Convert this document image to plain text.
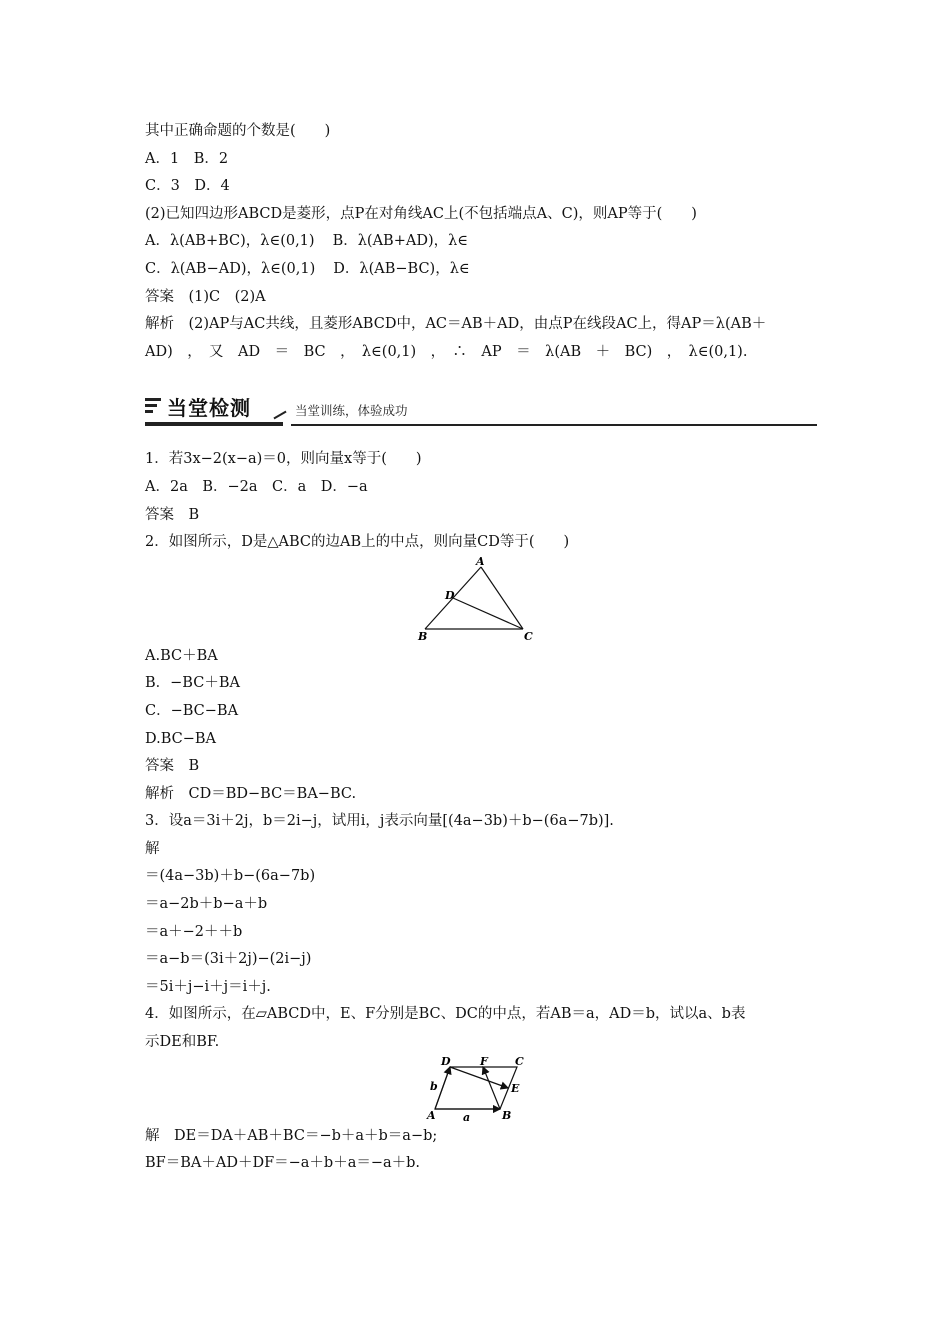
其中正确命题的个数是(　　)
A．1　B．2
C．3　D．4
(2)已知四边形ABCD是菱形，点P在对角线AC上(不包括端点A、C)，则AP等于(　　)
A．λ(AB+BC)，λ∈(0,1) B．λ(AB+AD)，λ∈
C．λ(AB−AD)，λ∈(0,1) D．λ(AB−BC)，λ∈
答案　(1)C　(2)A
解析　(2)AP与AC共线，且菱形ABCD中，AC＝AB＋AD，由点P在线段AC上，得AP＝λ(AB＋
AD)　，　又　AD　＝　BC　，　λ∈(0,1)　，　∴　AP　＝　λ(AB　＋　BC)　，　λ∈(0,1).
当堂检测	当堂训练，体验成功
1．若3x−2(x−a)＝0，则向量x等于(　　)
A．2a　B．−2a　C．a　D．−a
答案　B
2．如图所示，D是△ABC的边AB上的中点，则向量CD等于(　　)
A
D
B	C
A.BC＋BA
B．−BC＋BA
C．−BC−BA
D.BC−BA
答案　B
解析　CD＝BD−BC＝BA−BC.
3．设a＝3i＋2j，b＝2i−j，试用i，j表示向量[(4a−3b)＋b−(6a−7b)].
解
＝(4a−3b)＋b−(6a−7b)
＝a−2b＋b−a＋b
＝a＋−2＋＋b
＝a−b＝(3i＋2j)−(2i−j)
＝5i＋j−i＋j＝i＋j.
4．如图所示，在▱ABCD中，E、F分别是BC、DC的中点，若AB＝a，AD＝b，试以a、b表
示DE和BF.
D	F C
E
A	B
a
b
解　DE＝DA＋AB＋BC＝−b＋a＋b＝a−b;
BF＝BA＋AD＋DF＝−a＋b＋a＝−a＋b.
